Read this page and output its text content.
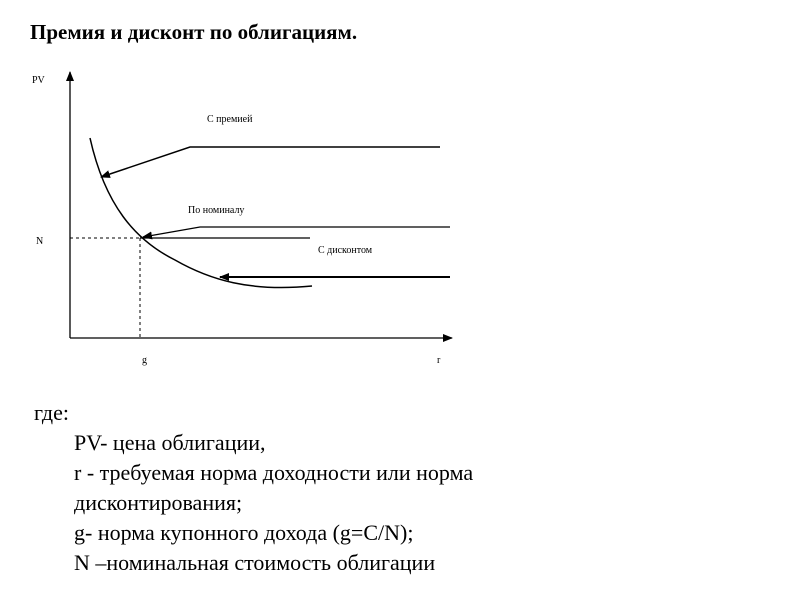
Премия и дисконт по облигациям.
PV
N
g	r
С премией
По номиналу
С дисконтом
где:
PV- цена облигации,
r - требуемая норма доходности или норма дисконтирования;
g- норма купонного дохода (g=C/N);
N –номинальная стоимость облигации
